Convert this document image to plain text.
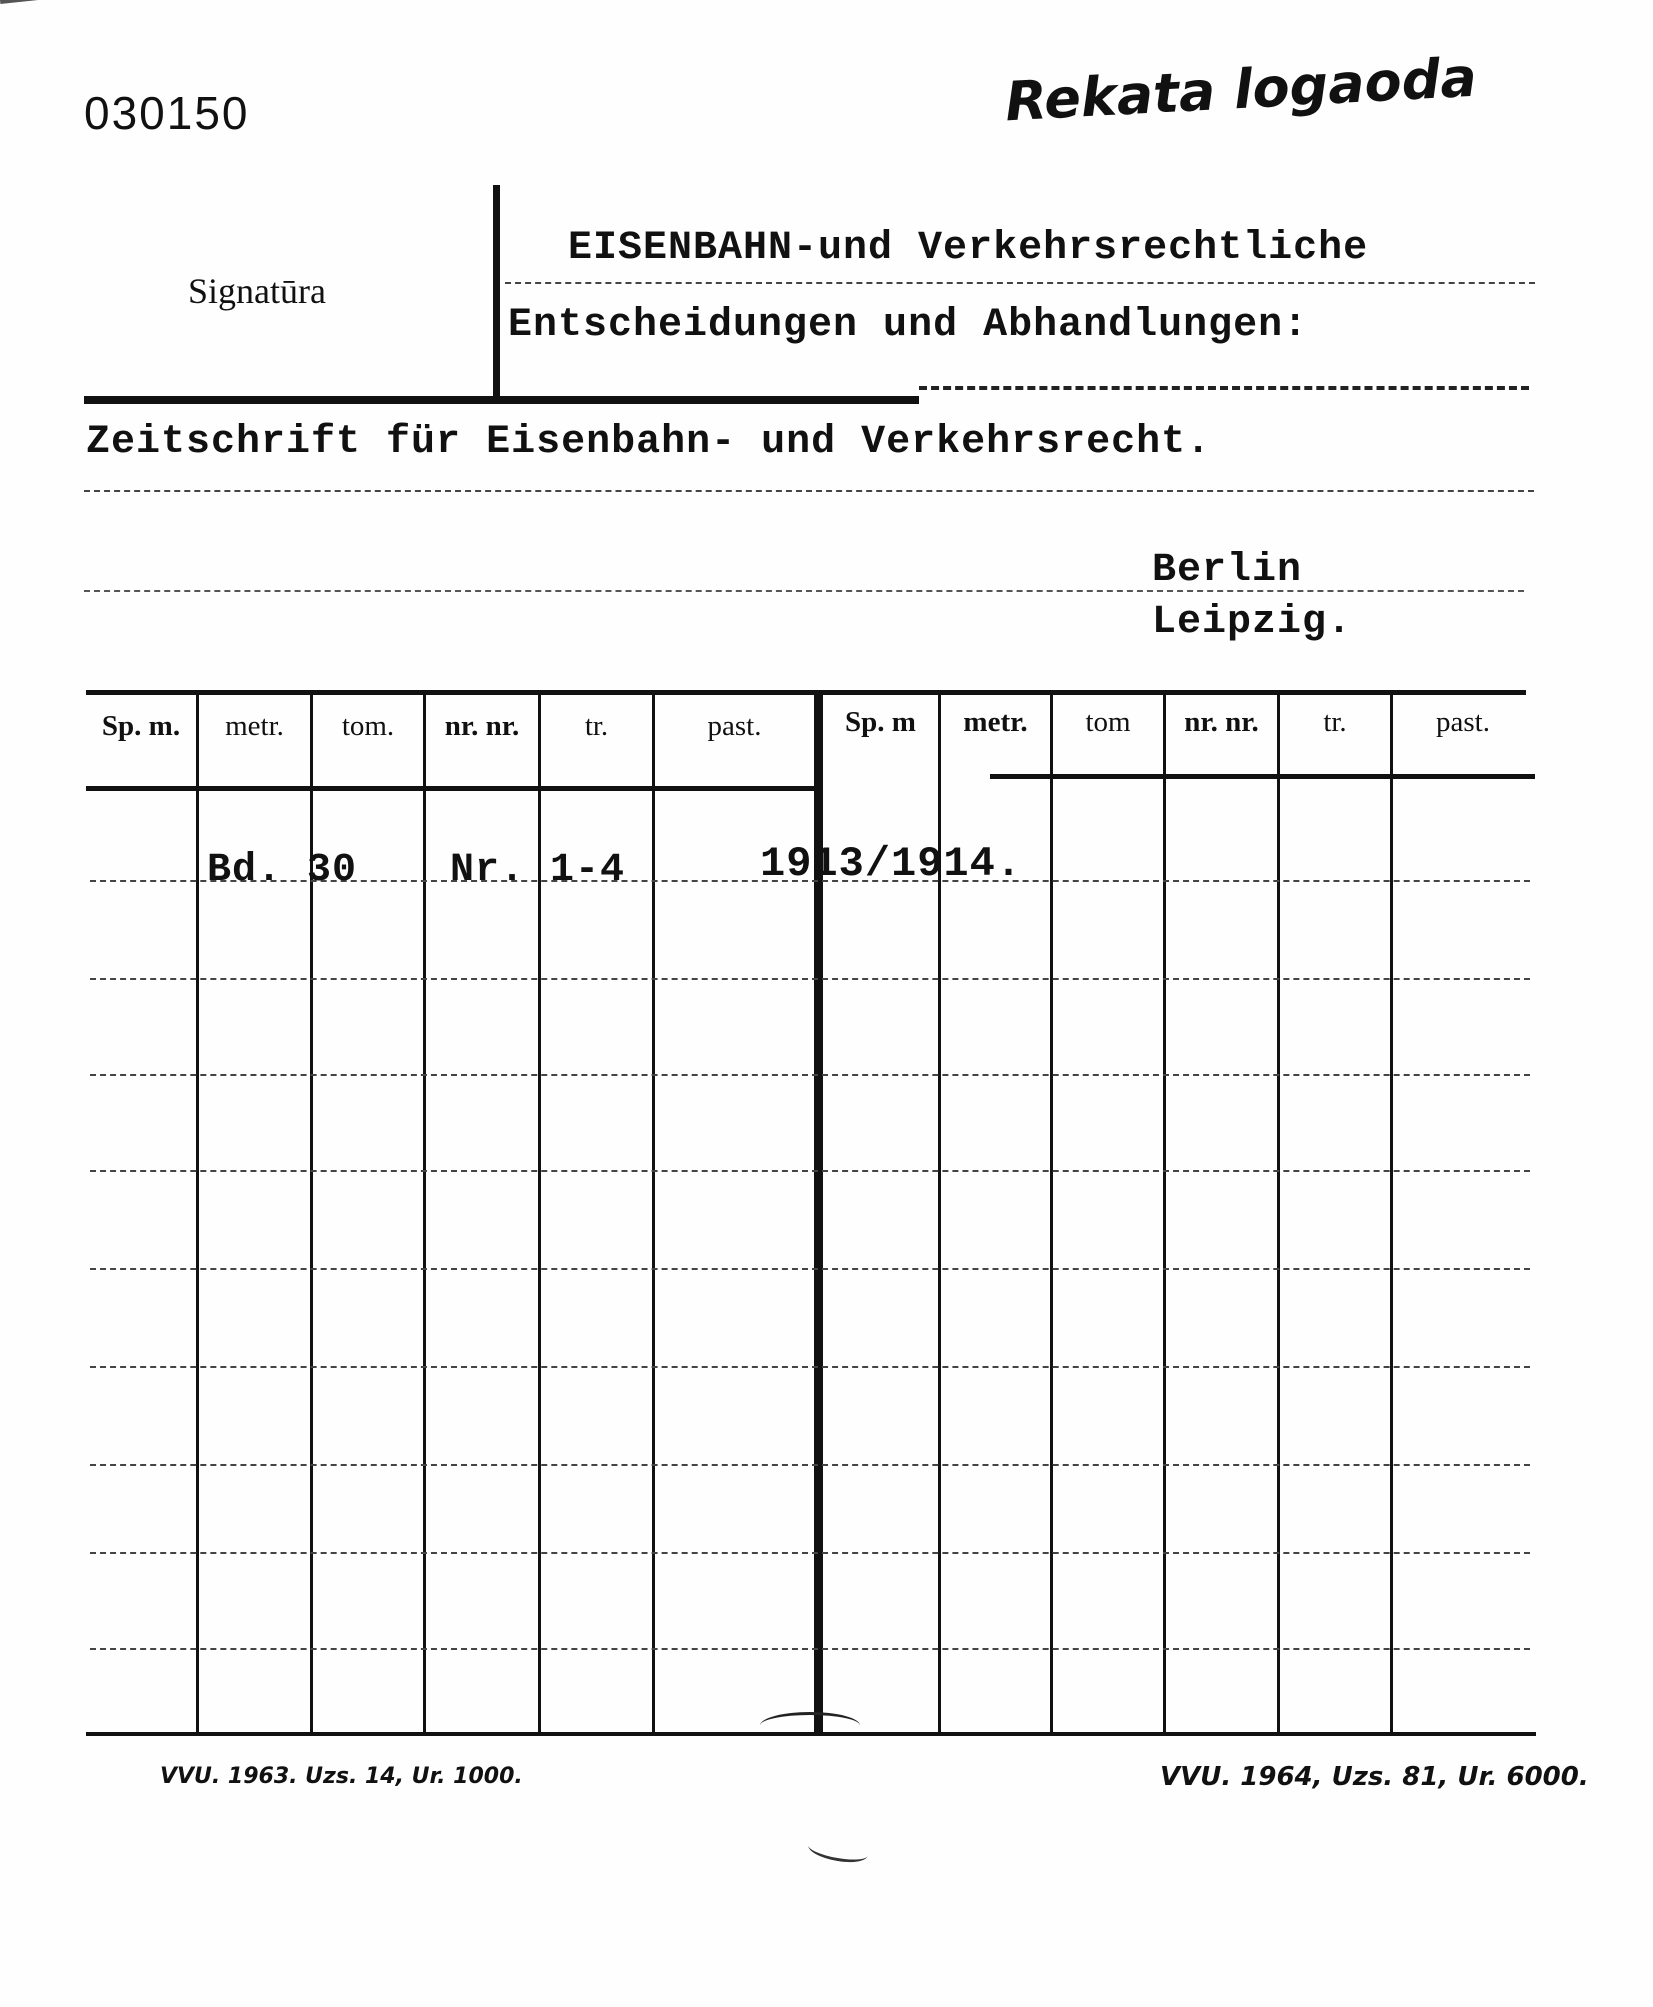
030150	Rekata logaoda
Signatūra
EISENBAHN-und Verkehrsrechtliche
Entscheidungen und Abhandlungen:
Zeitschrift für Eisenbahn- und Verkehrsrecht.
Berlin
Leipzig.
Sp. m.	metr.	tom.	nr. nr.	tr.	past.	Sp. m	metr.	tom	nr. nr.	tr.	past.
Bd. 30 Nr. 1-4	1913/1914.
VVU. 1963. Uzs. 14, Ur. 1000.	VVU. 1964, Uzs. 81, Ur. 6000.
